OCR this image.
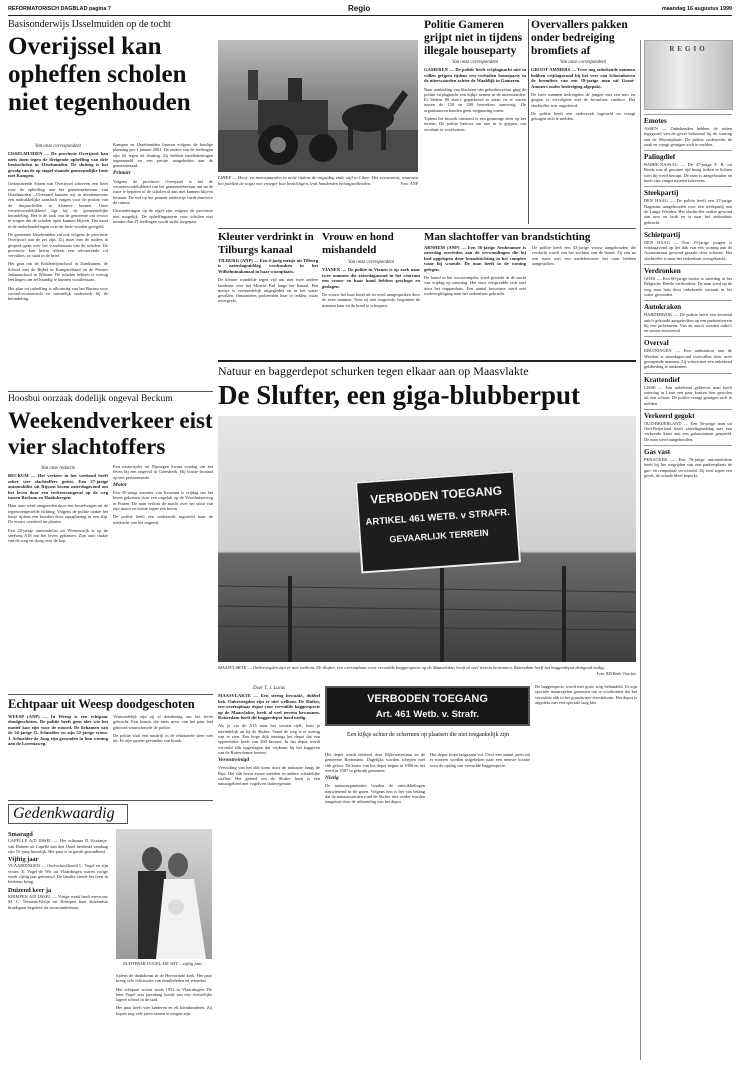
REFORMATORISCH DAGBLAD pagina 7	Regio	maandag 16 augustus 1999
Basisonderwijs IJsselmuiden op de tocht
Overijssel kan opheffen scholen niet tegenhouden
Van onze correspondent

IJSSELMUIDEN — De provincie Overijssel kan niets doen tegen de dreigende opheffing van drie basisscholen in IJsselmuiden. De sluiting is het gevolg van de op stapel staande gemeentelijke fusie met Kampen.

Gedeputeerde Staten van Overijssel schreven een brief over de opheffing aan het gemeentebestuur van IJsselmuiden. „Uiteraard kunnen wij in dientenzevens een nadrukkelijke aanslach vragen voor de positie van de dorpsscholen in kleinere kernen. Onze verantwoordelijkheid ligt bij de gemeentelijke herindeling. Het is de taak van de gemeente om ervoor te zorgen dat de scholen open kunnen blijven. Dat moet in de onderhandelingen over de fusie worden geregeld.

De gemeente IJsselmuiden zal ook volgens de provincie Overijssel aan de zet zijn. Zij moet met de ouders in gesprek gaan over het voortbestaan van de scholen. De provincie kan hierin alleen een adviserende rol vervullen, zo staat in de brief.

Het gaat om de Koldenvijnschool in Zandtuinen, de School met de Bijbel in Kampereiland en de Prinses Julianaschool in Wilsum. De scholen hebben te weinig leerlingen om zelfstandig te kunnen voortbestaan.

Het plan tot opheffing is afkomstig van het Bureau voor sociaal-economisch en ruimtelijk onderzoek bij de herindeling.

Kampen en IJsselmuiden fuseren volgens de huidige planning per 1 januari 2001. De ouders van de leerlingen zijn fel tegen de sluiting. Zij hebben handtekeningen ingezameld en een petitie aangeboden aan de gemeenteraad.

Primair

Volgens de provincie Overijssel is het de verantwoordelijkheid van het gemeentebestuur om na de fusie te bepalen of de scholen al dan niet kunnen blijven bestaan. De wet op het primair onderwijs biedt daarvoor de ruimte.

Uitzonderingen op de regel zijn volgens de provincie niet mogelijk. De opheffingsnorm voor scholen met minder dan 23 leerlingen wordt strikt toegepast.

LIHEE — Hooi- en motorpaarden in actie tijdens de oogstdag ende stijl in Lihee. Het evenement, waaraan het publiek de oogst van vroeger kon bezichtigen, trok honderden belangstellenden.	Foto: ANP
Politie Gameren grijpt niet in tijdens illegale houseparty
Van onze correspondent

GAMEREN — De politie heeft vrijdagnacht niet in willen grijpen tijdens een verboden houseparty in de uiterwaarden achter de Waaldijk in Gameren.

Naar aanleiding van klachten van geluidsoverlast ging de politie vrijdagnacht een kijkje nemen in de uiterwaarden. Er bleken 80 auto's geparkeerd te staan en er waren tussen de 150 en 200 bezoekers aanwezig. De organisatoren konden geen vergunning tonen.

Tijdens het bezoek ontstond er een grimmige sfeer op het terrein. De politie besloot om niet in te grijpen, om escalatie te voorkomen.

Overvallers pakken onder bedreiging bromfiets af
Van onze correspondent

GROOT-AMMERS — Twee nog onbekende mannen hebben vrijdagavond bij het veer van Schoonhoven de bromfiets van een 18-jarige man uit Groot-Ammers onder bedreiging afgepakt.

De twee mannen bedreigden de jongen met een mes en gingen er vervolgens met de bromfiets vandoor. Het slachtoffer was ongedeerd.

De politie heeft een onderzoek ingesteld en vraagt getuigen zich te melden.

REGIO
Emotes
ASSEN — Onbekenden hebben de ruiten ingegooid van de gevel behorend bij de woning aan de Mozartplaats. De politie onderzoekt de zaak en vraagt getuigen zich te melden.
Palingdief
BARRE-NASSAU — De 47-jarige F. B. uit Breda was al geruime tijd bezig fuiken te lichten toen hij werd betrapt. De man is aangehouden en heeft zijn vangst moeten inleveren.
Steekpartij
DEN HAAG — De politie heeft een 27-jarige Hagenaar aangehouden voor een steekpartij aan de Lange Wedden. Het slachtoffer raakte gewond aan arm en buik en is naar het ziekenhuis gebracht.
Schietpartij
DEN HAAG — Een 19-jarige jongen is vrijdagavond op het dak van een woning aan de Assisenstraat gewond geraakt door schoten. Het slachtoffer is naar het ziekenhuis overgebracht.
Verdronken
GOES — Een 60-jarige toerist is zaterdag in het Belgische Heerle verdronken. De man werd op de weg naar huis door onbekende oorzaak in het water gevonden.
Autokraken
HARDERWIJK — De politie heeft een zevental auto's gekraakt aangetroffen op een parkeerterrein bij een jachthaven. Van de auto's werden radio's en tassen ontvreemd.
Overval
KRUININGEN — Een tankstation aan de Westhof is zaterdagavond overvallen door twee gewapende mannen. Zij wisten met een onbekend geldbedrag te ontkomen.
Krattendief
LISSE — Een onbekend gebleven man heeft zaterdag in Lisse een paar kratten bier gestolen uit een schuur. De politie vraagt getuigen zich te melden.
Verkeerd gegokt
OUD-BEIJERLAND — Een 56-jarige man uit Oud-Beijerland heeft zaterdagmiddag met een verkeerde kaart aan een gokautomaat gespeeld. De man werd aangehouden.
Gas vast
PENACKER — Een 76-jarige automobiliste heeft bij het wegrijden van een parkeerplaats de gas- en rempedaal verwisseld. Zij reed tegen een gevel, de schade bleef beperkt.
Kleuter verdrinkt in Tilburgs kanaal

TILBURG (ANP) — Een 4-jarig meisje uit Tilburg is zaterdagmiddag verdronken in het Wilhelminakanaal in haar woonplaats.

De kleuter wandelde tegen vijf uur met twee andere kinderen over het Moerse Pad langs het kanaal. Het meisje is vermoedelijk uitgegleden en in het water gevallen. Omstanders probeerden haar te redden, maar tevergeefs.

Vrouw en hond mishandeld
Van onze correspondent

VIANEN — De politie in Vianen is op zoek naar twee mannen die zaterdagavond in het centrum een vrouw en haar hond hebben geschopt en geslagen.

De vrouw liet haar hond uit en werd aangesproken door de twee mannen. Toen zij niet reageerde, begonnen de mannen haar en de hond te schoppen.

Man slachtoffer van brandstichting

ARNHEM (ANP) — Een 56-jarige Arnhemmer is zaterdag overleden aan de verwondingen die hij had opgelopen door brandstichting in het complex waar hij woonde. De man heeft in de woning gelegen.

De brand in het wooncomplex werd gesticht in de nacht van vrijdag op zaterdag. Het vuur verspreidde zich snel door het trappenhuis. Een aantal bewoners werd met rookvergiftiging naar het ziekenhuis gebracht.

De politie heeft een 43-jarige vrouw aangehouden die verdacht wordt van het stichten van de brand. Zij zou na een ruzie met een medebewoner het vuur hebben aangestoken.

Natuur en baggerdepot schurken tegen elkaar aan op Maasvlakte
De Slufter, een giga-blubberput
VERBODEN TOEGANG
ARTIKEL 461 WETB. v STRAFR.
GEVAARLIJK TERREIN
MAASVLAKTE — Onbevoegden zijn er niet welkom. De Slufter, een overtopbaar voor vervuilde baggerspecie op de Maasvlakte, heeft al veel terrein bewonnen. Rotterdam heeft het baggerdepot dringend nodig.
Foto: RD/Henk Visscher
Door T. J. Lucas

MAASVLAKTE — Een streng bewaakt, dubbel hek. Onbevoegden zijn er niet welkom. De Slufter, een overtopbaar depot voor vervuilde baggerspecie op de Maasvlakte, heeft al veel terrein bewonnen. Rotterdam heeft dit baggerdepot hard nodig.

Als je via de A15 naar het westen rijdt, kom je uiteindelijk uit bij de Slufter. Vanaf de weg is er weinig van te zien. Een hoge dijk omringt het depot dat een oppervlakte heeft van 260 hectare. In het depot wordt vervuild slib opgeslagen dat vrijkomt bij het baggeren van de Rotterdamse havens.

Verontreinigd

Vervuiling van het slib komt door de industrie langs de Rijn. Het slib bevat zware metalen en andere schadelijke stoffen. Het gebied om de Slufter heen is een natuurgebied met vogels en duinvegetatie.

VERBODEN TOEGANG
Art. 461 Wetb. v. Strafr.
Een kijkje achter de schermen op plaatsen die niet toegankelijk zijn

Het depot wordt beheerd door Rijkswaterstaat en de gemeente Rotterdam. Dagelijks worden schepen met slib gelost. De bouw van het depot begon in 1986 en het werd in 1987 in gebruik genomen.

Nietig

De natuurorganisaties houden de ontwikkelingen nauwlettend in de gaten. Volgens hen is het van belang dat de natuurwaarden rond de Slufter niet verder worden aangetast door de uitbreiding van het depot.

Het depot loopt langzaam vol. Over een aantal jaren zal er moeten worden uitgekeken naar een nieuwe locatie voor de opslag van vervuilde baggerspecie.

De baggerspecie wordt met grote zorg behandeld. Er zijn speciale maatregelen genomen om te voorkomen dat het vervuilde slib in het grondwater terechtkomt. Het depot is afgedekt met een speciale laag klei.

Hoosbui oorzaak dodelijk ongeval Beckum
Weekendverkeer eist vier slachtoffers
Van onze redactie

BECKUM — Het verkeer in het weekend heeft zeker vier slachtoffers geëist. Een 27-jarige automobilist uit Rijssen kwam zaterdagavond om het leven door een verkeersongeval op de weg tussen Beckum en Haaksbergen.

Haar auto werd aangereden door een bestelwagen uit de tegenovergestelde richting. Volgens de politie raakte het busje tijdens een hoosbui door aquaplaning in een slip. De vrouw overleed ter plaatse.

Een 28-jarige automobilist uit Winterswijk is op de snelweg A18 om het leven gekomen. Zijn auto raakte van de weg en sloeg over de kop.

Een motorrijder uit Nijmegen kwam zondag om het leven bij een ongeval in Groesbeek. Hij botste frontaal op een personenauto.

Motor

Een 45-jarige inwoner van Kesteren is vrijdag om het leven gekomen door een ongeluk op de Voorthuizerweg in Putten. De man verloor de macht over het stuur van zijn motor en botste tegen een boom.

De politie heeft een onderzoek ingesteld naar de toedracht van het ongeval.

Echtpaar uit Weesp doodgeschoten

WEESP (ANP) — In Weesp is een echtpaar doodgeschoten. De politie heeft geen idee wie het motief kan zijn voor de moord. De lichamen van de 54-jarige G. Schneider en zijn 52-jarige vrouw J. Schneider-de Jong zijn gevonden in hun woning aan de Lorentzweg.

Vermoedelijk zijn zij al donderdag om het leven gebracht. Een kennis die niets meer van het paar had gehoord waarschuwde de politie.

De politie sluit een misdrijf in de relationele sfeer niet uit. Er zijn sporen gevonden van braak.

Gedenkwaardig
Smaragd

CAPELLE A/D IJSSEL — Het echtpaar D. Kortanje-van Hattem uit Capelle aan den IJssel herdenkt vandaag zijn 55-jarig huwelijk. Het paar is in goede gezondheid.

Vijftig jaar

VLAARDINGEN — Oud-schoolhoofd L. Vogel en zijn vrouw E. Vogel-de Wit uit Vlaardingen waren vorige week vijftig jaar getrouwd. De familie vierde het feest in besloten kring.

Duizend keer ja

KRIMPEN A/D IJSSEL — Vorige week heeft mevrouw M. C. Tiemens-Kleijn uit Krimpen haar duizendste bruidspaar begeleid als trouwambtenaar.

ECHTPAAR VOGEL-DE WIT ...vijftig jaar...

tijdens de dankdienst in de Hervormde kerk. Het paar kreeg vele felicitaties van familieleden en vrienden.

Het echtpaar woont sinds 1952 in Vlaardingen. De heer Vogel was jarenlang hoofd van een christelijke lagere school in de stad.

Het paar heeft vier kinderen en elf kleinkinderen. Zij hopen nog vele jaren samen te mogen zijn.
